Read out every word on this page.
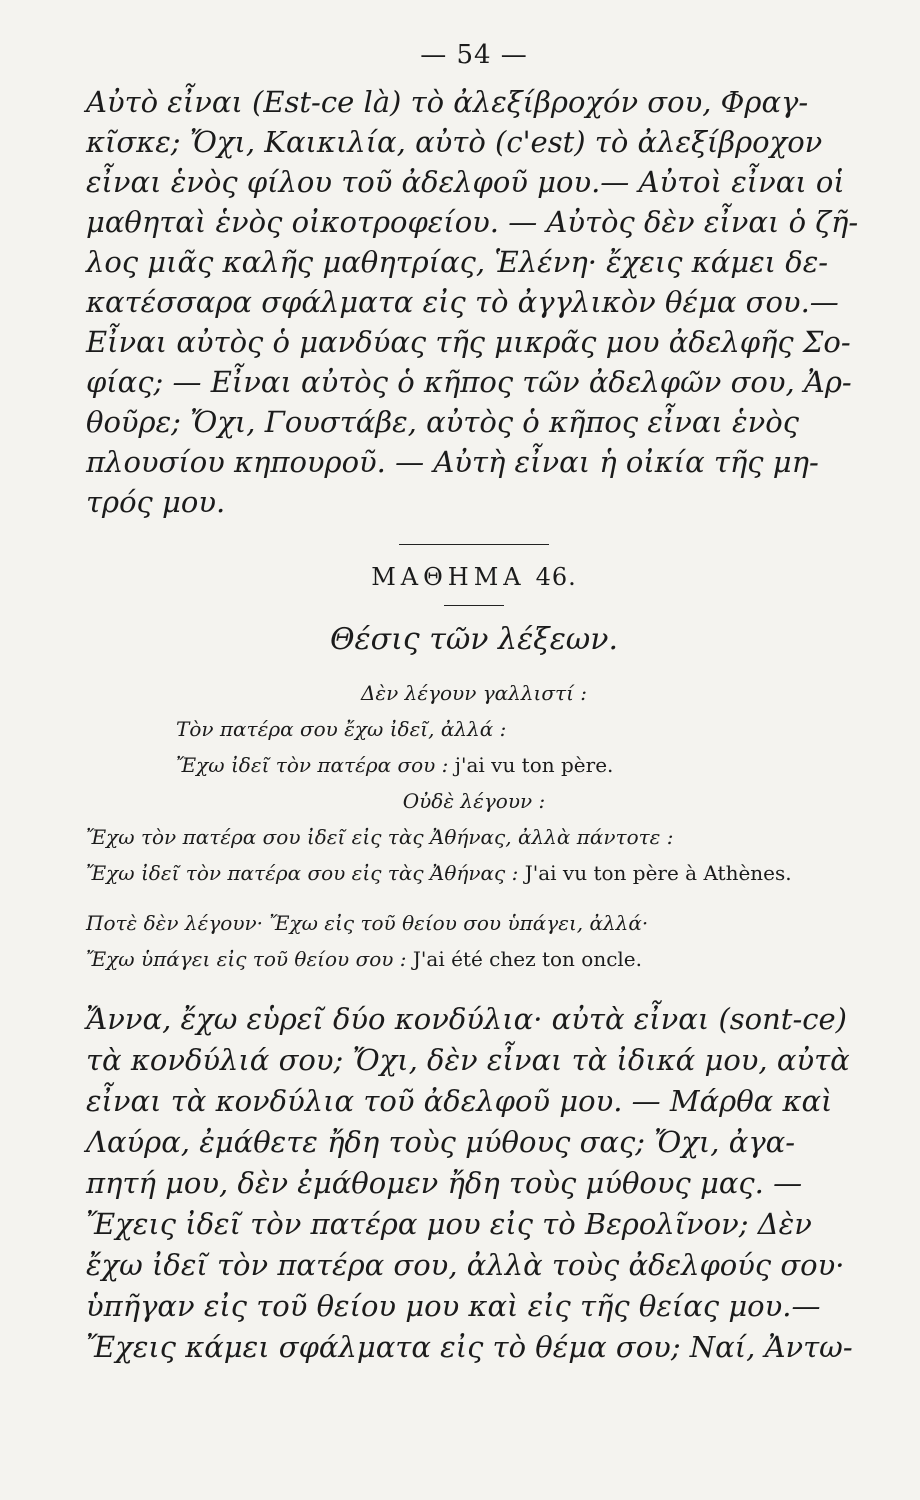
— 54 —
Αὐτὸ εἶναι (Est-ce là) τὸ ἀλεξίβροχόν σου, Φραγ-
κῖσκε; Ὄχι, Καικιλία, αὐτὸ (c'est) τὸ ἀλεξίβροχον
εἶναι ἑνὸς φίλου τοῦ ἀδελφοῦ μου.— Αὐτοὶ εἶναι οἱ
μαθηταὶ ἑνὸς οἰκοτροφείου. — Αὐτὸς δὲν εἶναι ὁ ζῆ-
λος μιᾶς καλῆς μαθητρίας, Ἑλένη· ἔχεις κάμει δε-
κατέσσαρα σφάλματα εἰς τὸ ἀγγλικὸν θέμα σου.—
Εἶναι αὐτὸς ὁ μανδύας τῆς μικρᾶς μου ἀδελφῆς Σο-
φίας; — Εἶναι αὐτὸς ὁ κῆπος τῶν ἀδελφῶν σου, Ἀρ-
θοῦρε; Ὄχι, Γουστάβε, αὐτὸς ὁ κῆπος εἶναι ἑνὸς
πλουσίου κηπουροῦ. — Αὐτὴ εἶναι ἡ οἰκία τῆς μη-
τρός μου.
ΜΑΘΗΜΑ 46.
Θέσις τῶν λέξεων.
Δὲν λέγουν γαλλιστί :
Τὸν πατέρα σου ἔχω ἰδεῖ, ἀλλά :
Ἔχω ἰδεῖ τὸν πατέρα σου : j'ai vu ton père.
Οὐδὲ λέγουν :
Ἔχω τὸν πατέρα σου ἰδεῖ εἰς τὰς Ἀθήνας, ἀλλὰ πάντοτε :
Ἔχω ἰδεῖ τὸν πατέρα σου εἰς τὰς Ἀθήνας : J'ai vu ton père à Athènes.
Ποτὲ δὲν λέγουν· Ἔχω εἰς τοῦ θείου σου ὑπάγει, ἀλλά·
Ἔχω ὑπάγει εἰς τοῦ θείου σου : J'ai été chez ton oncle.
Ἄννα, ἔχω εὑρεῖ δύο κονδύλια· αὐτὰ εἶναι (sont-ce)
τὰ κονδύλιά σου; Ὄχι, δὲν εἶναι τὰ ἰδικά μου, αὐτὰ
εἶναι τὰ κονδύλια τοῦ ἀδελφοῦ μου. — Μάρθα καὶ
Λαύρα, ἐμάθετε ἤδη τοὺς μύθους σας; Ὄχι, ἀγα-
πητή μου, δὲν ἐμάθομεν ἤδη τοὺς μύθους μας. —
Ἔχεις ἰδεῖ τὸν πατέρα μου εἰς τὸ Βερολῖνον; Δὲν
ἔχω ἰδεῖ τὸν πατέρα σου, ἀλλὰ τοὺς ἀδελφούς σου·
ὑπῆγαν εἰς τοῦ θείου μου καὶ εἰς τῆς θείας μου.—
Ἔχεις κάμει σφάλματα εἰς τὸ θέμα σου; Ναί, Ἀντω-
